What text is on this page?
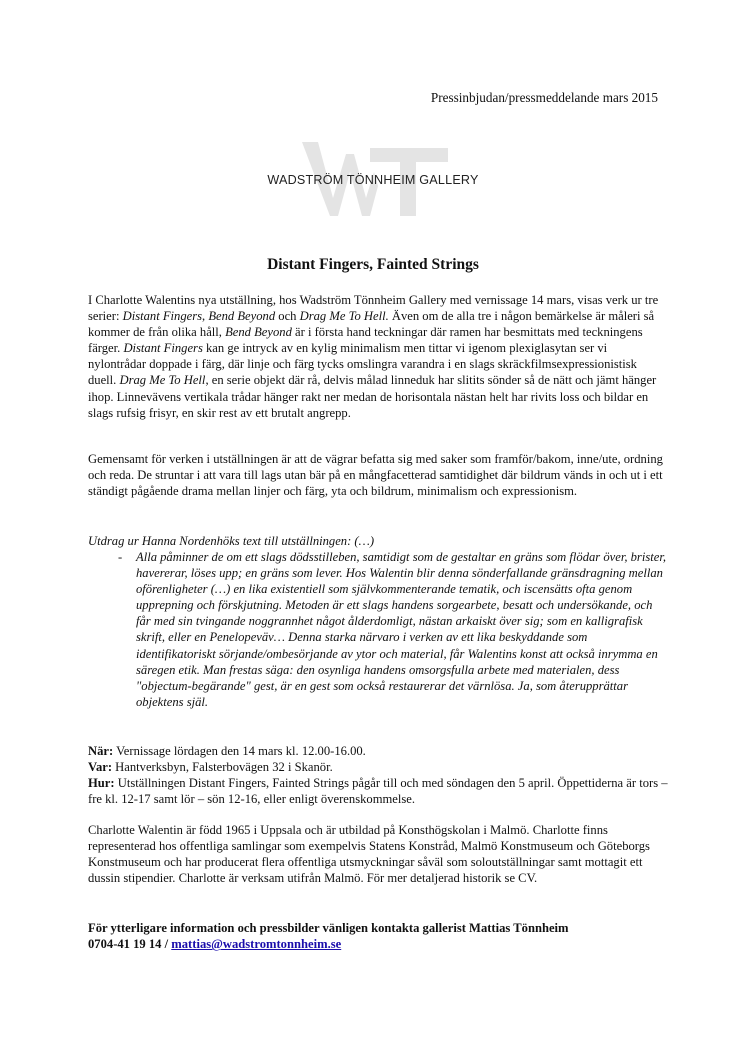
Pressinbjudan/pressmeddelande mars 2015
WADSTRÖM TÖNNHEIM GALLERY
Distant Fingers, Fainted Strings

I Charlotte Walentins nya utställning, hos Wadström Tönnheim Gallery med vernissage 14 mars, visas verk ur tre serier: Distant Fingers, Bend Beyond och Drag Me To Hell. Även om de alla tre i någon bemärkelse är måleri så kommer de från olika håll, Bend Beyond är i första hand teckningar där ramen har besmittats med teckningens färger. Distant Fingers kan ge intryck av en kylig minimalism men tittar vi igenom plexiglasytan ser vi nylontrådar doppade i färg, där linje och färg tycks omslingra varandra i en slags skräckfilmsexpressionistisk duell. Drag Me To Hell, en serie objekt där rå, delvis målad linneduk har slitits sönder så de nätt och jämt hänger ihop. Linnevävens vertikala trådar hänger rakt ner medan de horisontala nästan helt har rivits loss och bildar en slags rufsig frisyr, en skir rest av ett brutalt angrepp.

Gemensamt för verken i utställningen är att de vägrar befatta sig med saker som framför/bakom, inne/ute, ordning och reda. De struntar i att vara till lags utan bär på en mångfacetterad samtidighet där bildrum vänds in och ut i ett ständigt pågående drama mellan linjer och färg, yta och bildrum, minimalism och expressionism.

Utdrag ur Hanna Nordenhöks text till utställningen: (…)

- Alla påminner de om ett slags dödsstilleben, samtidigt som de gestaltar en gräns som flödar över, brister, havererar, löses upp; en gräns som lever. Hos Walentin blir denna sönderfallande gränsdragning mellan oförenligheter (…) en lika existentiell som självkommenterande tematik, och iscensätts ofta genom upprepning och förskjutning. Metoden är ett slags handens sorgearbete, besatt och undersökande, och får med sin tvingande noggrannhet något ålderdomligt, nästan arkaiskt över sig; som en kalligrafisk skrift, eller en Penelopeväv… Denna starka närvaro i verken av ett lika beskyddande som identifikatoriskt sörjande/ombesörjande av ytor och material, får Walentins konst att också inrymma en säregen etik. Man frestas säga: den osynliga handens omsorgsfulla arbete med materialen, dess "objectum-begärande" gest, är en gest som också restaurerar det värnlösa. Ja, som återupprättar objektens själ.

När: Vernissage lördagen den 14 mars kl. 12.00-16.00.
Var: Hantverksbyn, Falsterbovägen 32 i Skanör.
Hur: Utställningen Distant Fingers, Fainted Strings pågår till och med söndagen den 5 april. Öppettiderna är tors – fre kl. 12-17 samt lör – sön 12-16, eller enligt överenskommelse.

Charlotte Walentin är född 1965 i Uppsala och är utbildad på Konsthögskolan i Malmö. Charlotte finns representerad hos offentliga samlingar som exempelvis Statens Konstråd, Malmö Konstmuseum och Göteborgs Konstmuseum och har producerat flera offentliga utsmyckningar såväl som soloutställningar samt mottagit ett dussin stipendier. Charlotte är verksam utifrån Malmö. För mer detaljerad historik se CV.

För ytterligare information och pressbilder vänligen kontakta gallerist Mattias Tönnheim
0704-41 19 14 / mattias@wadstromtonnheim.se
